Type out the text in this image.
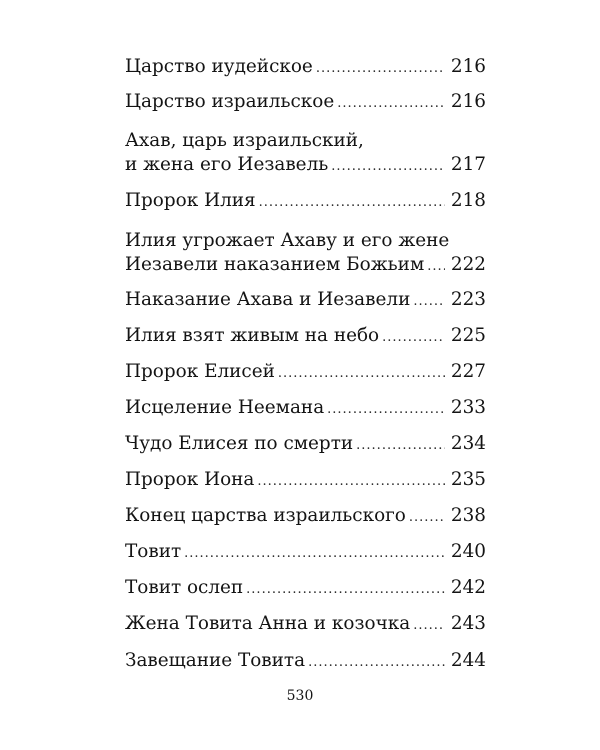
Царство иудейское .....	216
Царство израильское .....	216
Ахав, царь израильский,
и жена его Иезавель .....	217
Пророк Илия .....	218
Илия угрожает Ахаву и его жене
Иезавели наказанием Божьим ..... 222
Наказание Ахава и Иезавели ..... 223
Илия взят живым на небо .....	225
Пророк Елисей .....	227
Исцеление Неемана .....	233
Чудо Елисея по смерти .....	234
Пророк Иона .....	235
Конец царства израильского ..... 238
Товит .....	240
Товит ослеп .....	242
Жена Товита Анна и козочка ..... 243
Завещание Товита .....	244
530
